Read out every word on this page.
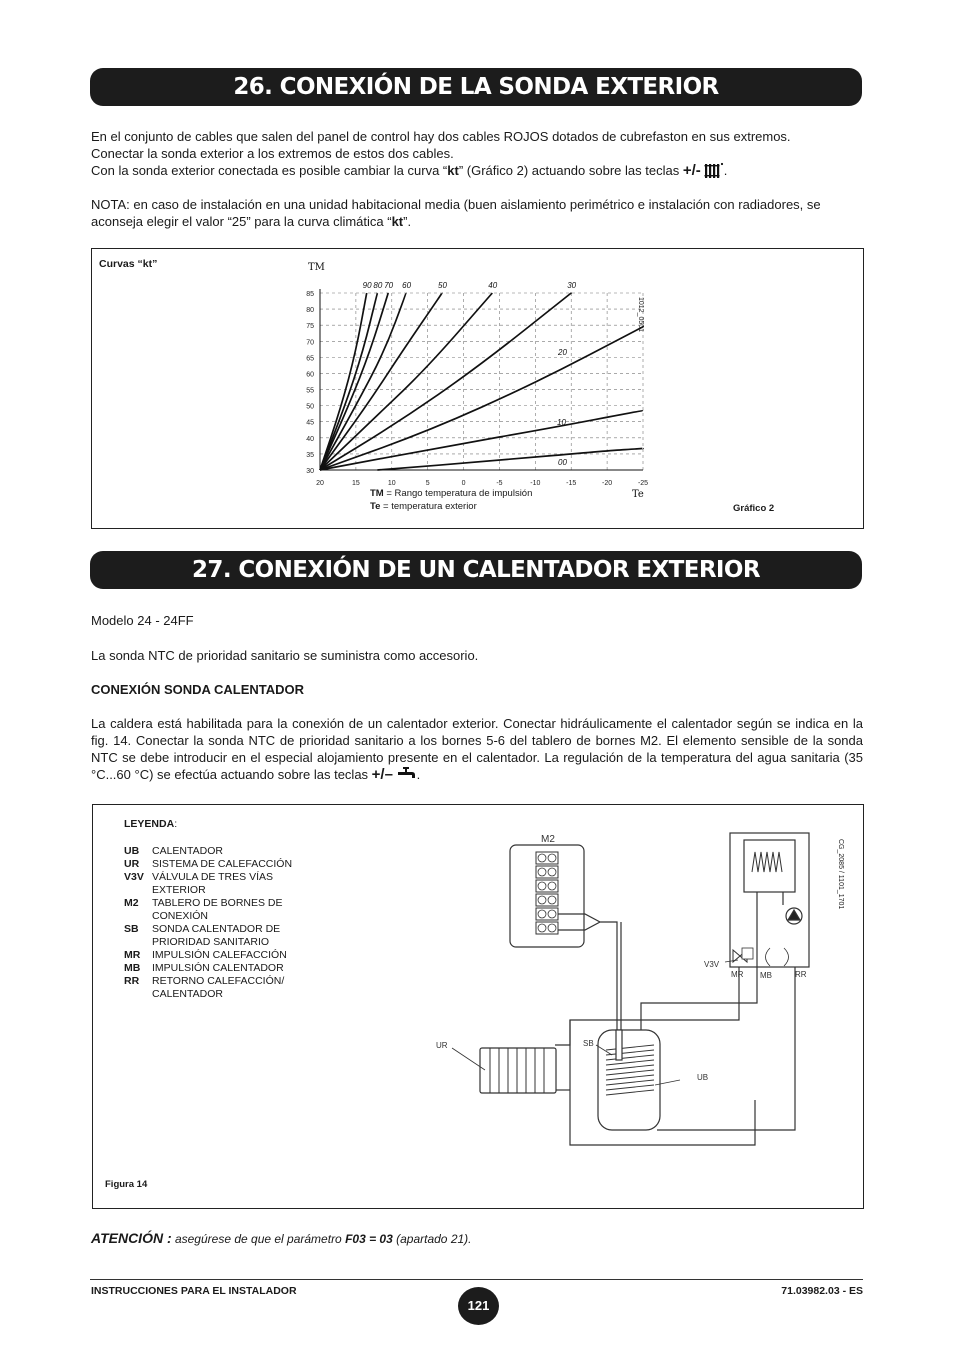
26. CONEXIÓN DE LA SONDA EXTERIOR
En el conjunto de cables que salen del panel de control hay dos cables ROJOS dotados de cubrefaston en sus extremos.
Conectar la sonda exterior a los extremos de estos dos cables.
Con la sonda exterior conectada es posible cambiar la curva “ kt ” (Gráfico 2) actuando sobre las teclas +/- .
NOTA: en caso de instalación en una unidad habitacional media (buen aislamiento perimétrico e instalación con radiadores, se aconseja elegir el valor “25” para la curva climática “kt”.
Curvas “kt”
Gráfico 2
1012_0501
TM = Rango temperatura de impulsión
Te = temperatura exterior
30
35
40
45
50
55
60
65
70
75
80
85
20	15	10	5	0	-5	-10	-15	-20	-25
TM
Te
90 80 70 60	50	40	30
20
10
00
27. CONEXIÓN DE UN CALENTADOR EXTERIOR
Modelo 24 - 24FF
La sonda NTC de prioridad sanitario se suministra como accesorio.
CONEXIÓN SONDA CALENTADOR
La caldera está habilitada para la conexión de un calentador exterior. Conectar hidráulicamente el calentador según se indica en la fig. 14. Conectar la sonda NTC de prioridad sanitario a los bornes 5-6 del tablero de bornes M2. El elemento sensible de la sonda NTC se debe introducir en el especial alojamiento presente en el calentador. La regulación de la temperatura del agua sanitaria (35 °C...60 °C) se efectúa actuando sobre las teclas +/– .
LEYENDA:
UB	CALENTADOR
UR	SISTEMA DE CALEFACCIÓN
V3V VÁLVULA DE TRES VÍAS EXTERIOR
M2	TABLERO DE BORNES DE CONEXIÓN
SB	SONDA CALENTADOR DE PRIORIDAD SANITARIO
MR	IMPULSIÓN CALEFACCIÓN
MB	IMPULSIÓN CALENTADOR
RR	RETORNO CALEFACCIÓN/ CALENTADOR
Figura 14
CG_2085 / 1101_1701
M2
V3V
MR MB	RR
UR	SB
UB
ATENCIÓN : asegúrese de que el parámetro F03 = 03 (apartado 21).
INSTRUCCIONES PARA EL INSTALADOR
121
71.03982.03 - ES
